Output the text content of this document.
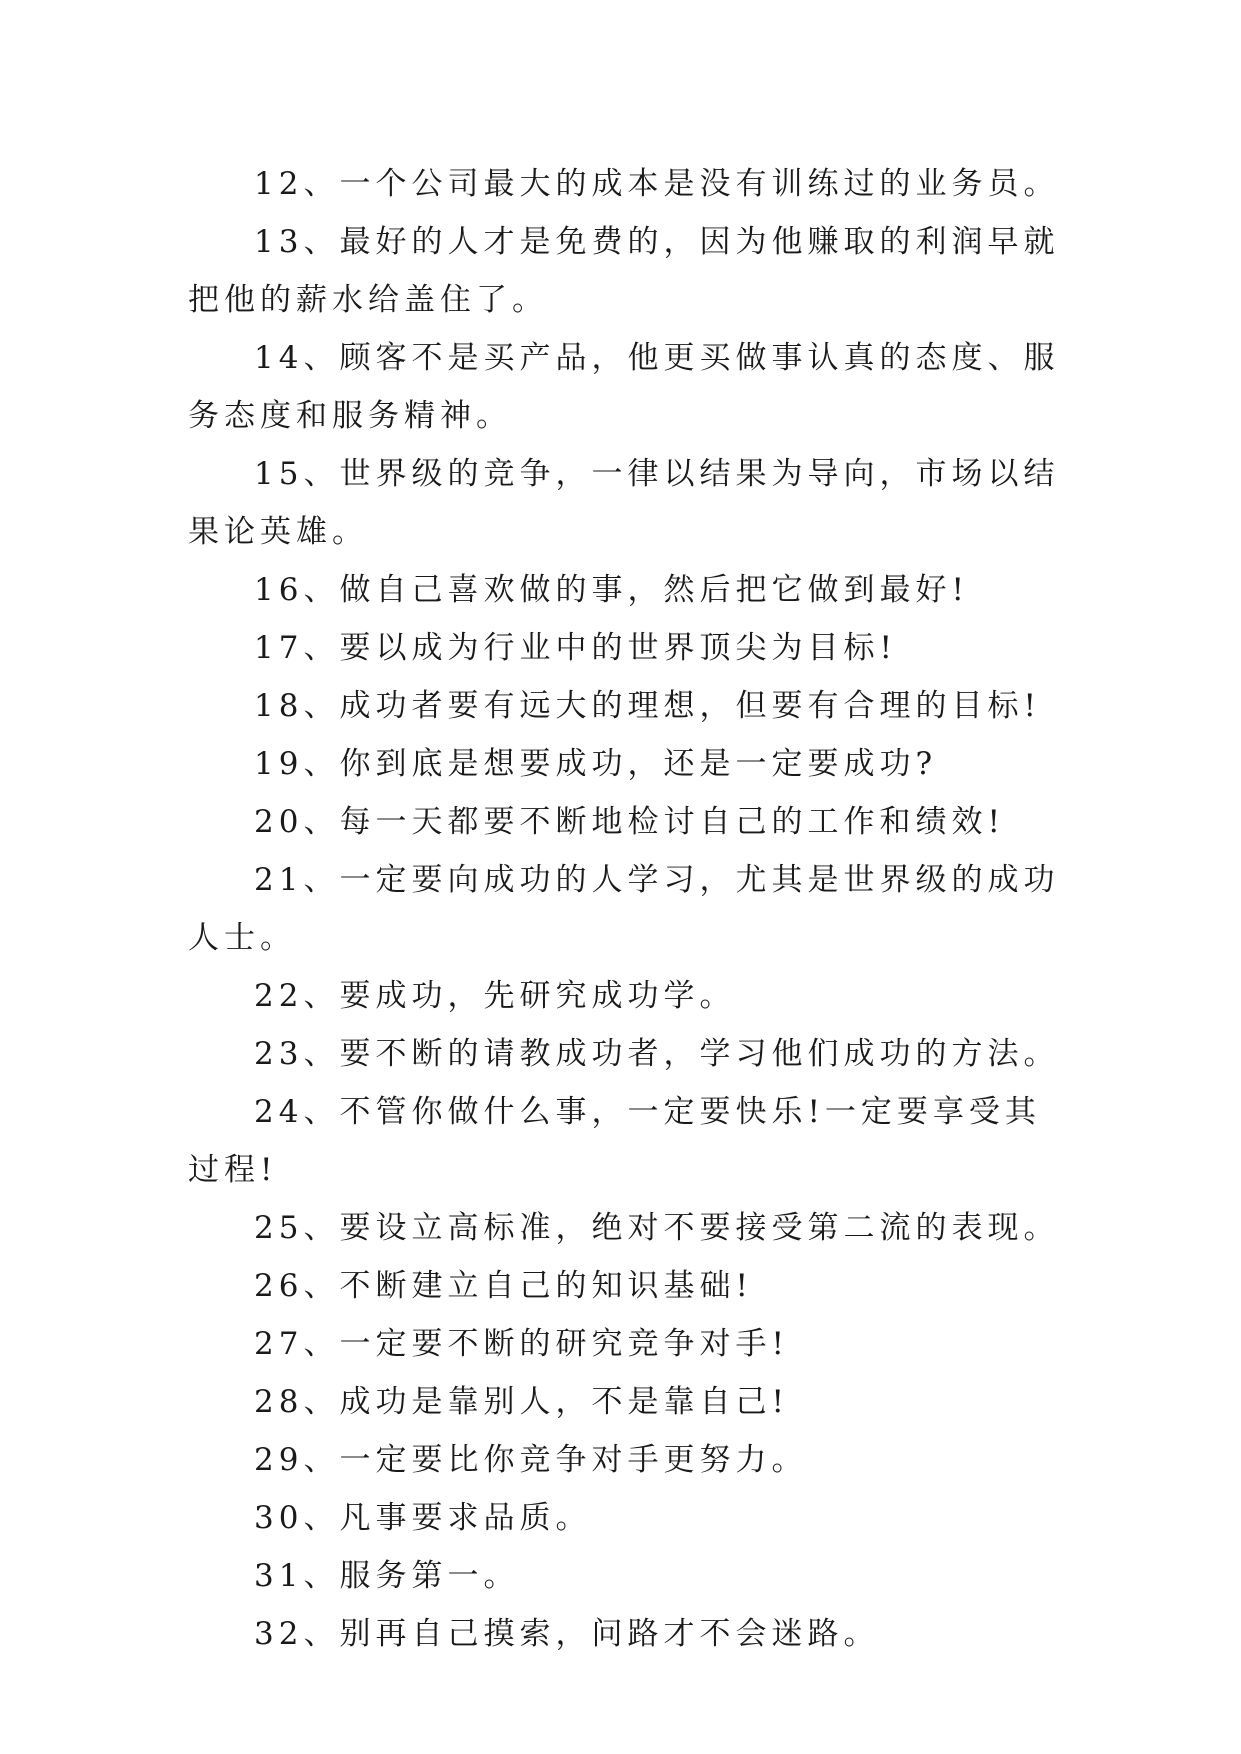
12、一个公司最大的成本是没有训练过的业务员。

13、最好的人才是免费的，因为他赚取的利润早就把他的薪水给盖住了。

14、顾客不是买产品，他更买做事认真的态度、服务态度和服务精神。

15、世界级的竞争，一律以结果为导向，市场以结果论英雄。

16、做自己喜欢做的事，然后把它做到最好!

17、要以成为行业中的世界顶尖为目标!

18、成功者要有远大的理想，但要有合理的目标!

19、你到底是想要成功，还是一定要成功?

20、每一天都要不断地检讨自己的工作和绩效!

21、一定要向成功的人学习，尤其是世界级的成功人士。

22、要成功，先研究成功学。

23、要不断的请教成功者，学习他们成功的方法。

24、不管你做什么事，一定要快乐!一定要享受其过程!

25、要设立高标准，绝对不要接受第二流的表现。

26、不断建立自己的知识基础!

27、一定要不断的研究竞争对手!

28、成功是靠别人，不是靠自己!

29、一定要比你竞争对手更努力。

30、凡事要求品质。

31、服务第一。

32、别再自己摸索，问路才不会迷路。
